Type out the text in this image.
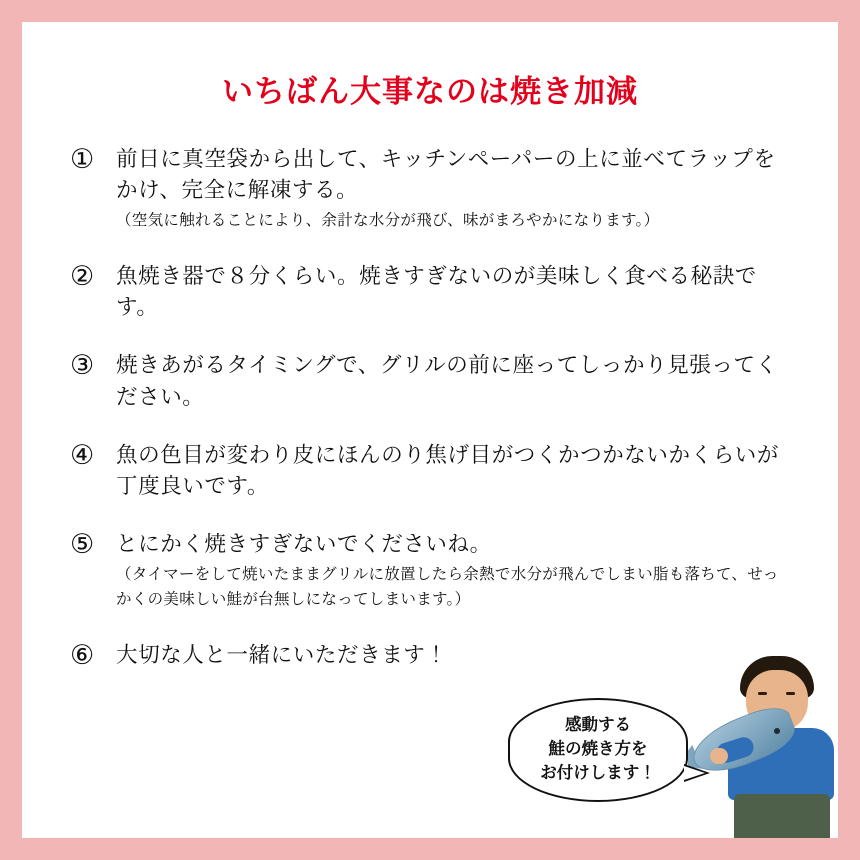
いちばん大事なのは焼き加減
①	前日に真空袋から出して、キッチンペーパーの上に並べてラップをかけ、完全に解凍する。
（空気に触れることにより、余計な水分が飛び、味がまろやかになります。）
②	魚焼き器で８分くらい。焼きすぎないのが美味しく食べる秘訣です。
③	焼きあがるタイミングで、グリルの前に座ってしっかり見張ってください。
④	魚の色目が変わり皮にほんのり焦げ目がつくかつかないかくらいが丁度良いです。
⑤	とにかく焼きすぎないでくださいね。
（タイマーをして焼いたままグリルに放置したら余熱で水分が飛んでしまい脂も落ちて、せっかくの美味しい鮭が台無しになってしまいます。）
⑥	大切な人と一緒にいただきます！
感動する
鮭の焼き方を
お付けします！
